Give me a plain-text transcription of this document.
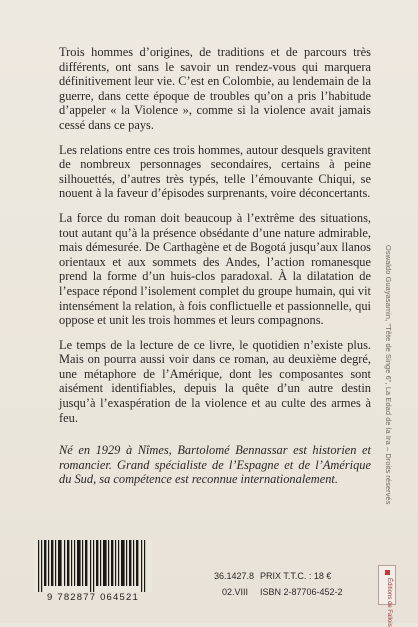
Trois hommes d’origines, de traditions et de parcours très différents, ont sans le savoir un rendez-vous qui marquera définitivement leur vie. C’est en Colombie, au lendemain de la guerre, dans cette époque de troubles qu’on a pris l’habitude d’appeler « la Violence », comme si la violence avait jamais cessé dans ce pays.

Les relations entre ces trois hommes, autour desquels gravitent de nombreux personnages secondaires, certains à peine silhouettés, d’autres très typés, telle l’émouvante Chiqui, se nouent à la faveur d’épisodes surprenants, voire déconcertants.

La force du roman doit beaucoup à l’extrême des situations, tout autant qu’à la présence obsédante d’une nature admirable, mais démesurée. De Carthagène et de Bogotá jusqu’aux llanos orientaux et aux sommets des Andes, l’action romanesque prend la forme d’un huis-clos paradoxal. À la dilatation de l’espace répond l’isolement complet du groupe humain, qui vit intensément la relation, à fois conflictuelle et passionnelle, qui oppose et unit les trois hommes et leurs compagnons.

Le temps de la lecture de ce livre, le quotidien n’existe plus. Mais on pourra aussi voir dans ce roman, au deuxième degré, une métaphore de l’Amérique, dont les composantes sont aisément identifiables, depuis la quête d’un autre destin jusqu’à l’exaspération de la violence et au culte des armes à feu.

Né en 1929 à Nîmes, Bartolomé Bennassar est historien et romancier. Grand spécialiste de l’Espagne et de l’Amérique du Sud, sa compétence est reconnue internationalement.	Oswaldo Guayasamin, "Tête de Singe 6", La Edad de la Ira – Droits réservés
Éditions de Fallois
9 782877 064521
36.1427.8
02.VIII
PRIX T.T.C. : 18 €
ISBN 2-87706-452-2
